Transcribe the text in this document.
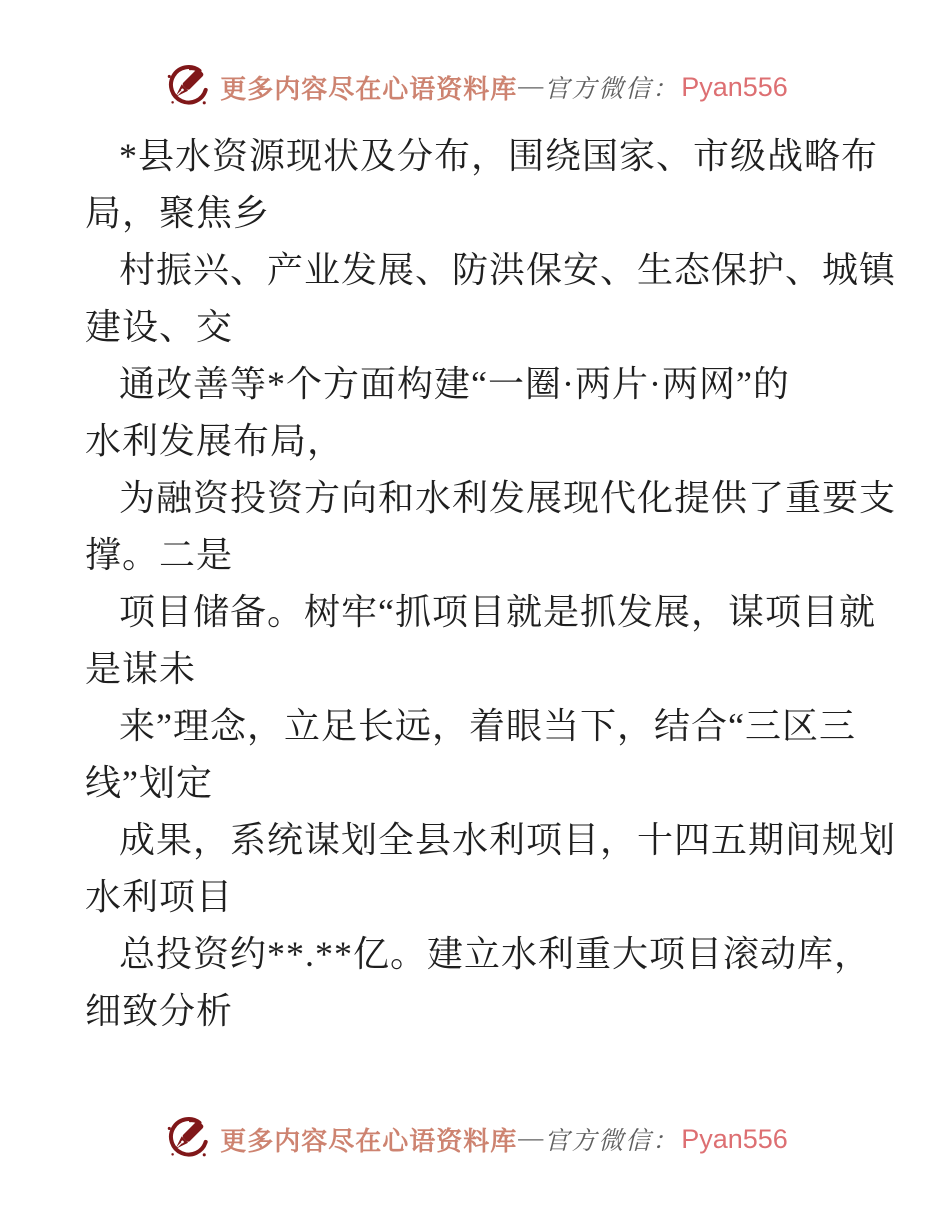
更多内容尽在心语资料库 — 官方微信： Pyan556
*县水资源现状及分布，围绕国家、市级战略布
局，聚焦乡
村振兴、产业发展、防洪保安、生态保护、城镇
建设、交
通改善等*个方面构建“一圈·两片·两网”的
水利发展布局，
为融资投资方向和水利发展现代化提供了重要支
撑。二是
项目储备。树牢“抓项目就是抓发展，谋项目就
是谋未
来”理念，立足长远，着眼当下，结合“三区三
线”划定
成果，系统谋划全县水利项目，十四五期间规划
水利项目
总投资约**.**亿。建立水利重大项目滚动库，
细致分析
更多内容尽在心语资料库 — 官方微信： Pyan556
